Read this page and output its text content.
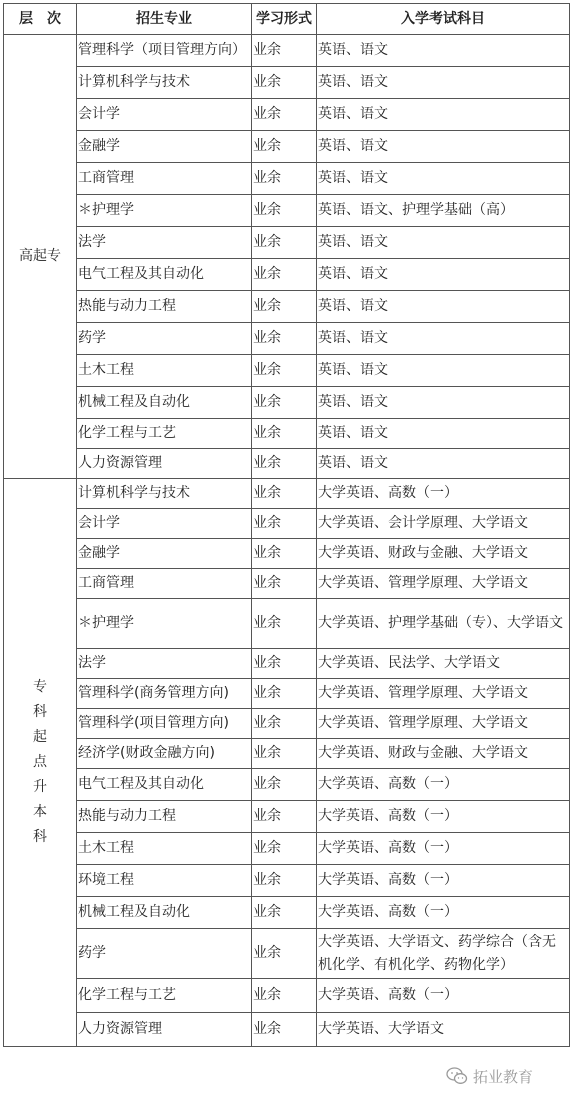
层　次	招生专业	学习形式	入学考试科目
高起专	管理科学（项目管理方向）	业余	英语、语文
	计算机科学与技术	业余	英语、语文
	会计学	业余	英语、语文
	金融学	业余	英语、语文
	工商管理	业余	英语、语文
	＊护理学	业余	英语、语文、护理学基础（高）
	法学	业余	英语、语文
	电气工程及其自动化	业余	英语、语文
	热能与动力工程	业余	英语、语文
	药学	业余	英语、语文
	土木工程	业余	英语、语文
	机械工程及自动化	业余	英语、语文
	化学工程与工艺	业余	英语、语文
	人力资源管理	业余	英语、语文

专科起点升本科	计算机科学与技术	业余	大学英语、高数（一）
	会计学	业余	大学英语、会计学原理、大学语文
	金融学	业余	大学英语、财政与金融、大学语文
	工商管理	业余	大学英语、管理学原理、大学语文
	＊护理学	业余	大学英语、护理学基础（专）、大学语文
	法学	业余	大学英语、民法学、大学语文
	管理科学(商务管理方向)	业余	大学英语、管理学原理、大学语文
	管理科学(项目管理方向)	业余	大学英语、管理学原理、大学语文
	经济学(财政金融方向)	业余	大学英语、财政与金融、大学语文
	电气工程及其自动化	业余	大学英语、高数（一）
	热能与动力工程	业余	大学英语、高数（一）
	土木工程	业余	大学英语、高数（一）
	环境工程	业余	大学英语、高数（一）
	机械工程及自动化	业余	大学英语、高数（一）
	药学	业余	大学英语、大学语文、药学综合（含无机化学、有机化学、药物化学）
	化学工程与工艺	业余	大学英语、高数（一）
	人力资源管理	业余	大学英语、大学语文
拓业教育
